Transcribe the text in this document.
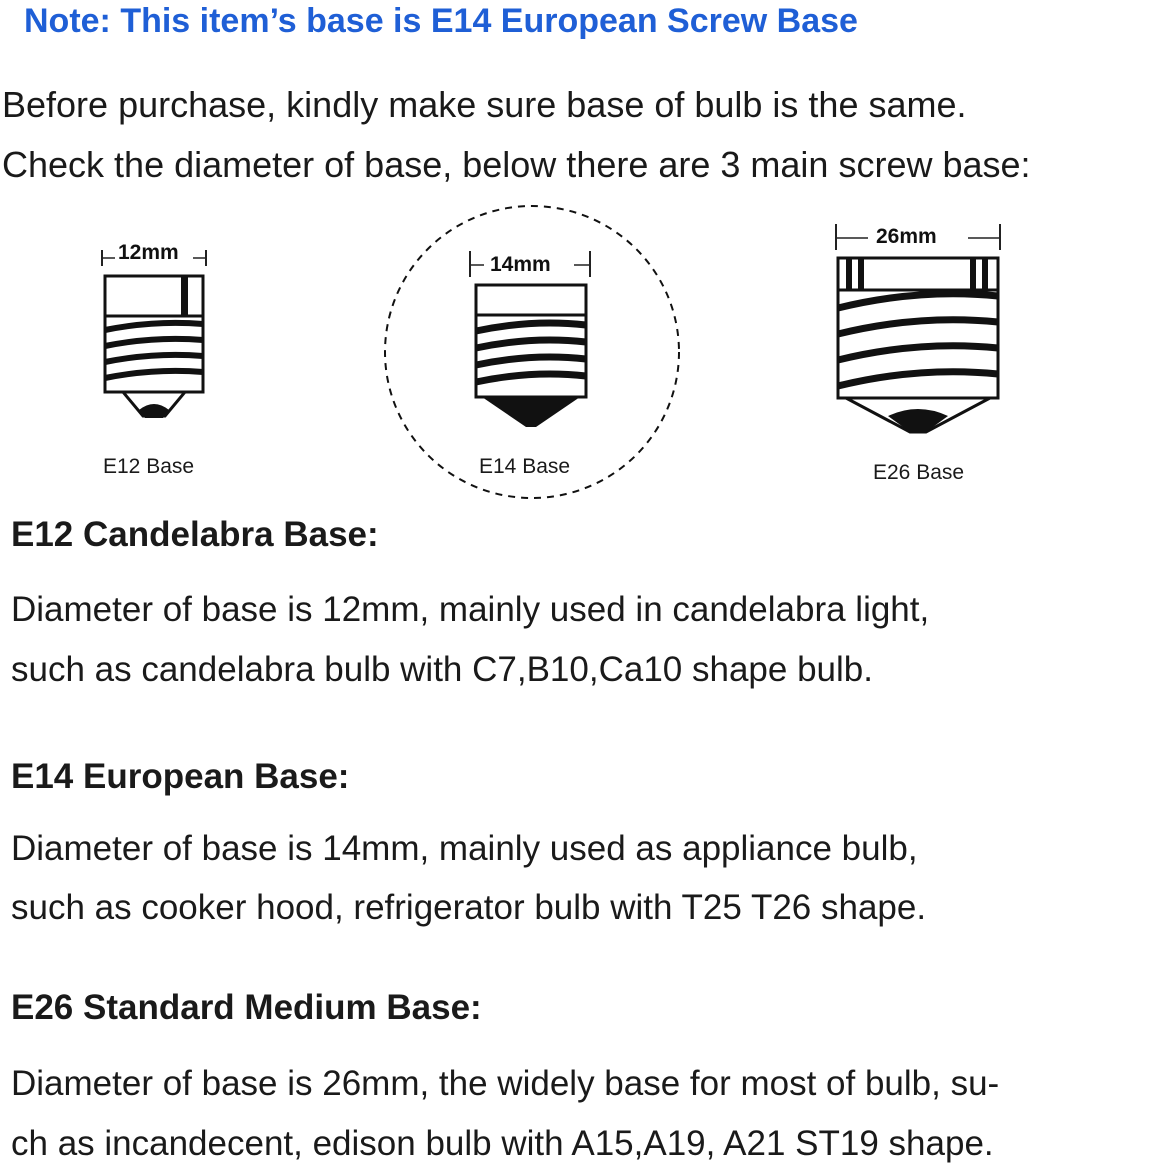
Note: This item’s base is E14 European Screw Base
Before purchase, kindly make sure base of bulb is the same.
Check the diameter of base, below there are 3 main screw base:
12mm
E12 Base
14mm
E14 Base
26mm
E26 Base
E12 Candelabra Base:
Diameter of base is 12mm, mainly used in candelabra light,
such as candelabra bulb with C7,B10,Ca10 shape bulb.
E14 European Base:
Diameter of base is 14mm, mainly used as appliance bulb,
such as cooker hood, refrigerator bulb with T25 T26 shape.
E26 Standard Medium Base:
Diameter of base is 26mm, the widely base for most of bulb, su-
ch as incandecent, edison bulb with A15,A19, A21 ST19 shape.
